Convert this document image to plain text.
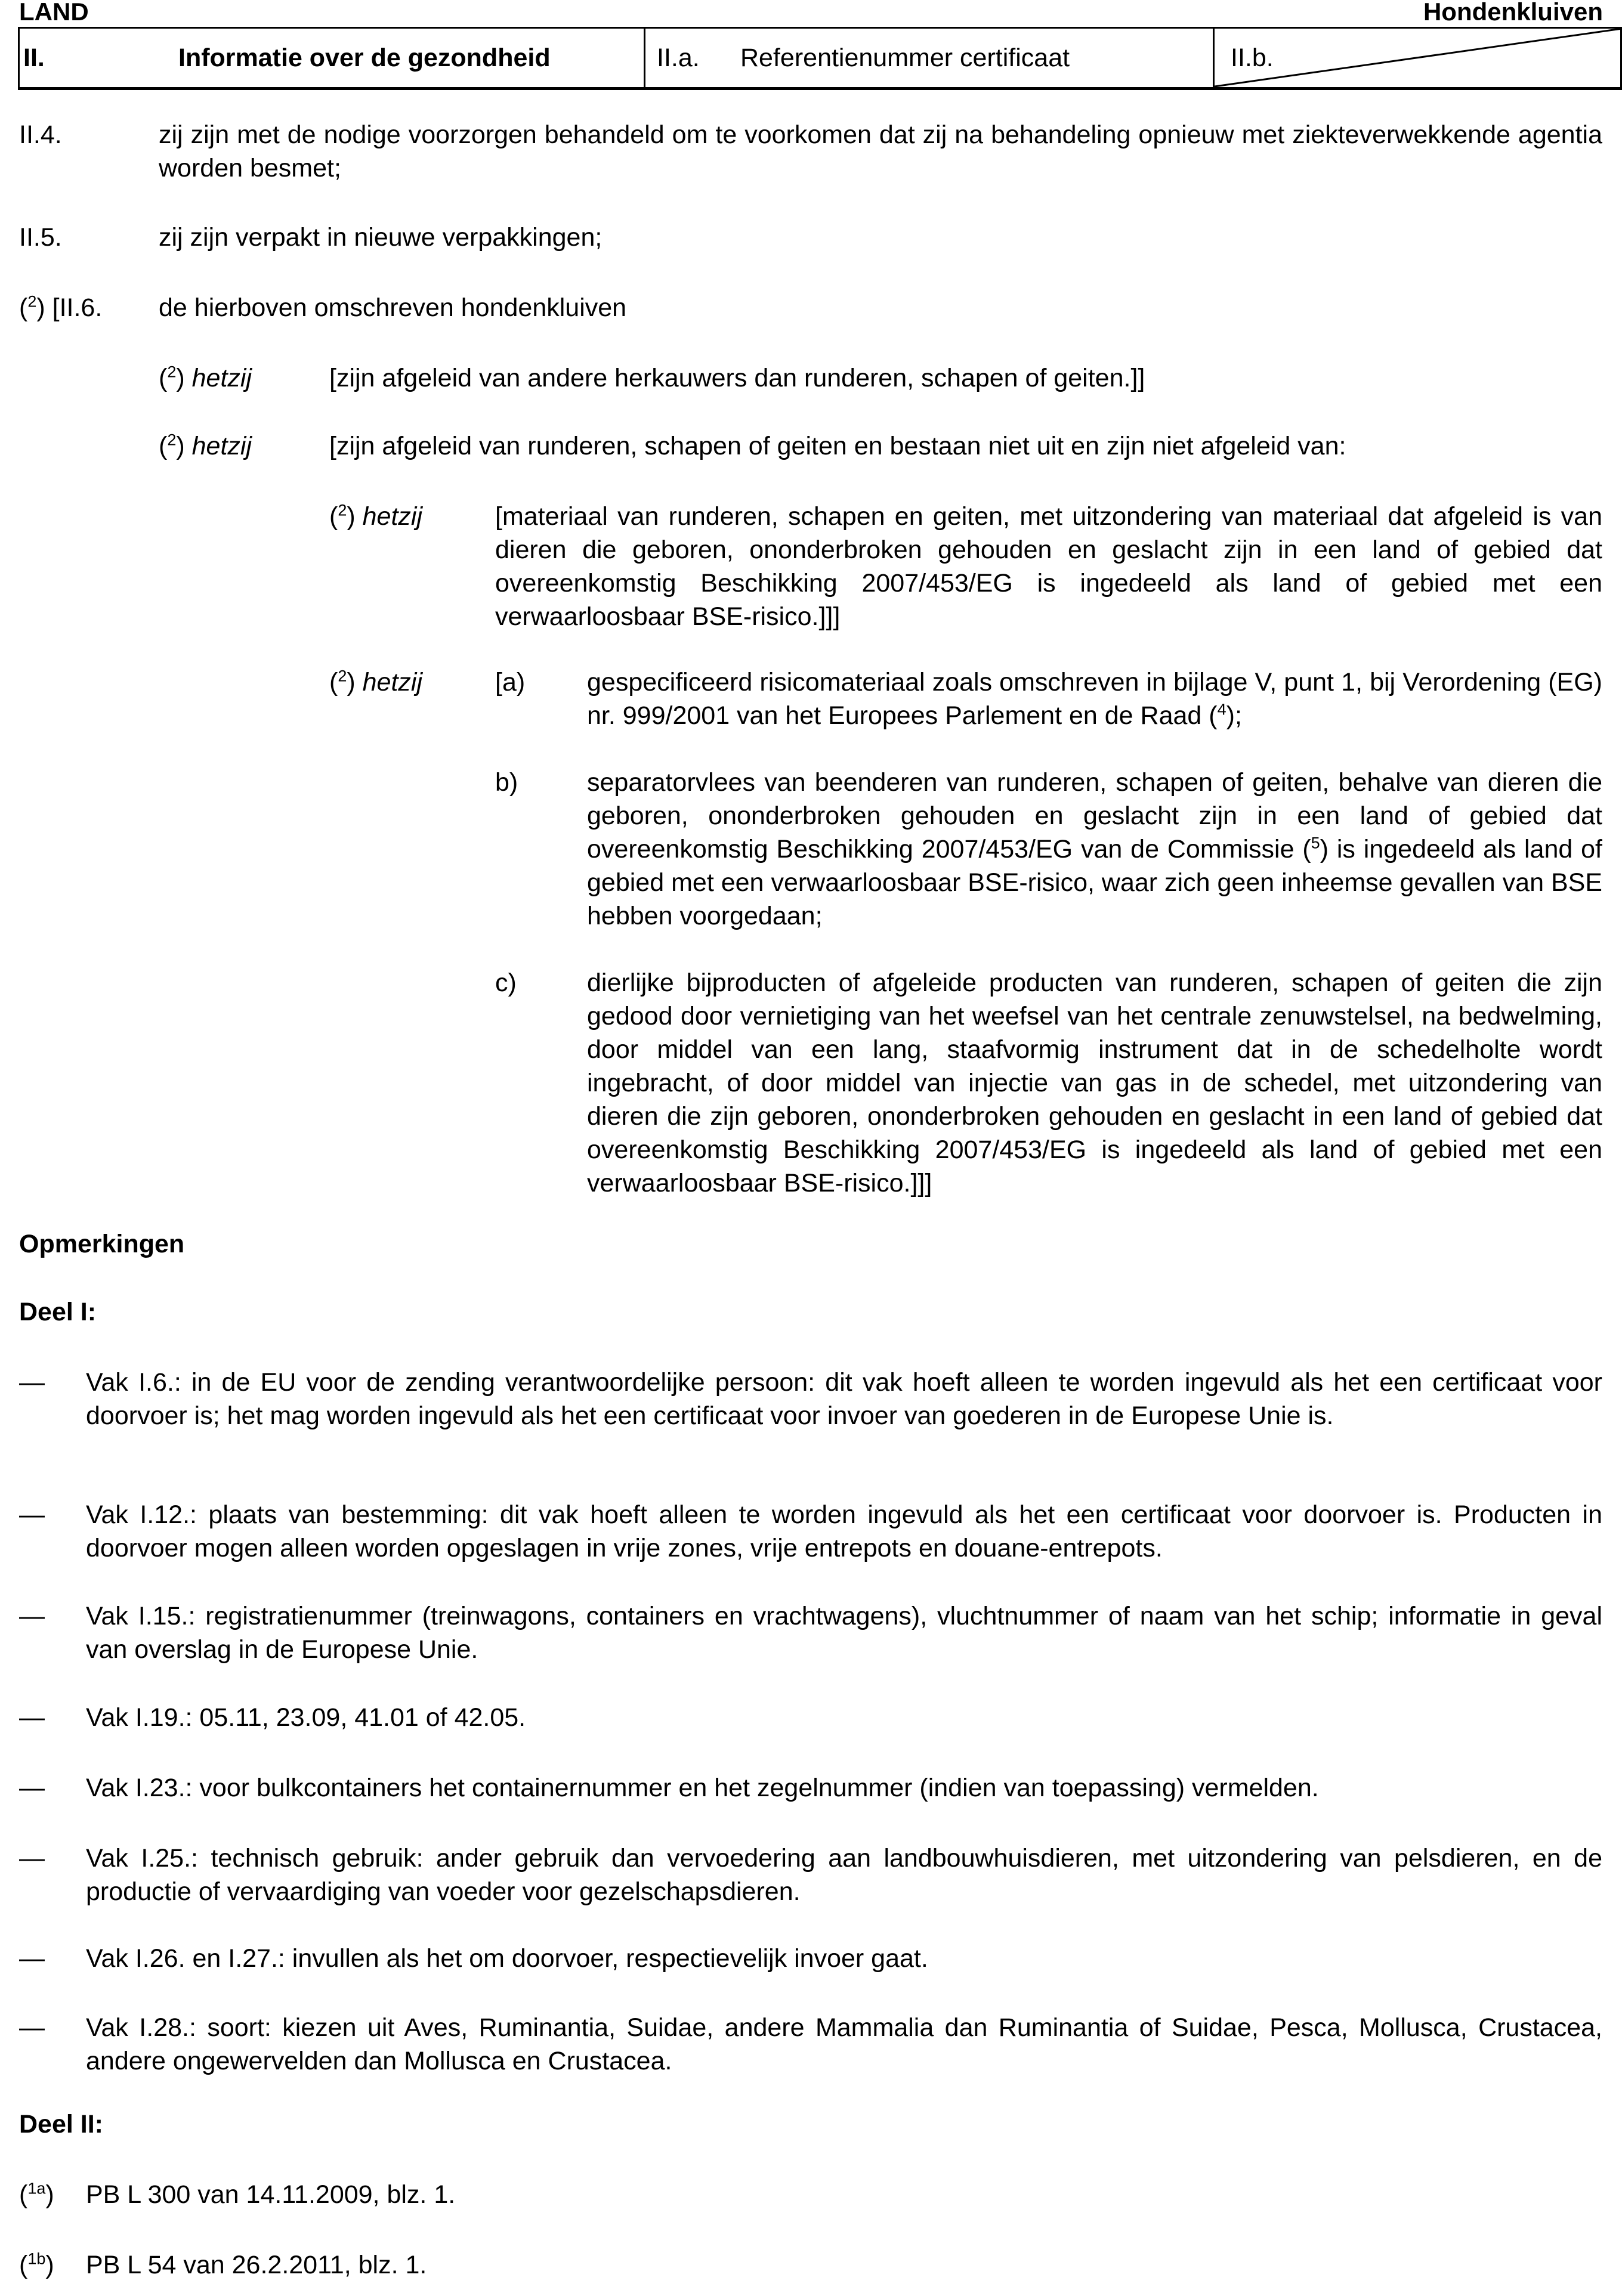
LAND	Hondenkluiven
II.	Informatie over de gezondheid	II.a.	Referentienummer certificaat	II.b.
II.4.	zij zijn met de nodige voorzorgen behandeld om te voorkomen dat zij na behandeling opnieuw met ziekteverwekkende agentia worden besmet;
II.5.	zij zijn verpakt in nieuwe verpakkingen;
($^2$) [II.6. de hierboven omschreven hondenkluiven
($^2$) hetzij	[zijn afgeleid van andere herkauwers dan runderen, schapen of geiten.]]
($^2$) hetzij	[zijn afgeleid van runderen, schapen of geiten en bestaan niet uit en zijn niet afgeleid van:
($^2$) hetzij	[materiaal van runderen, schapen en geiten, met uitzondering van materiaal dat afgeleid is van dieren die geboren, ononderbroken gehouden en geslacht zijn in een land of gebied dat overeenkomstig Beschikking 2007/453/EG is ingedeeld als land of gebied met een verwaarloosbaar BSE-risico.]]]
($^2$) hetzij	[a) gespecificeerd risicomateriaal zoals omschreven in bijlage V, punt 1, bij Verordening (EG) nr. 999/2001 van het Europees Parlement en de Raad ($^4$);
b)	separatorvlees van beenderen van runderen, schapen of geiten, behalve van dieren die geboren, ononderbroken gehouden en geslacht zijn in een land of gebied dat overeenkomstig Beschikking 2007/453/EG van de Commissie ($^5$) is ingedeeld als land of gebied met een verwaarloosbaar BSE-risico, waar zich geen inheemse gevallen van BSE hebben voorgedaan;
c)	dierlijke bijproducten of afgeleide producten van runderen, schapen of geiten die zijn gedood door vernietiging van het weefsel van het centrale zenuwstelsel, na bedwelming, door middel van een lang, staafvormig instrument dat in de schedelholte wordt ingebracht, of door middel van injectie van gas in de schedel, met uitzondering van dieren die zijn geboren, ononderbroken gehouden en geslacht in een land of gebied dat overeenkomstig Beschikking 2007/453/EG is ingedeeld als land of gebied met een verwaarloosbaar BSE-risico.]]]
Opmerkingen
Deel I:
— Vak I.6.: in de EU voor de zending verantwoordelijke persoon: dit vak hoeft alleen te worden ingevuld als het een certificaat voor doorvoer is; het mag worden ingevuld als het een certificaat voor invoer van goederen in de Europese Unie is.
— Vak I.12.: plaats van bestemming: dit vak hoeft alleen te worden ingevuld als het een certificaat voor doorvoer is. Producten in doorvoer mogen alleen worden opgeslagen in vrije zones, vrije entrepots en douane-entrepots.
— Vak I.15.: registratienummer (treinwagons, containers en vrachtwagens), vluchtnummer of naam van het schip; informatie in geval van overslag in de Europese Unie.
— Vak I.19.: 05.11, 23.09, 41.01 of 42.05.
— Vak I.23.: voor bulkcontainers het containernummer en het zegelnummer (indien van toepassing) vermelden.
— Vak I.25.: technisch gebruik: ander gebruik dan vervoedering aan landbouwhuisdieren, met uitzondering van pelsdieren, en de productie of vervaardiging van voeder voor gezelschapsdieren.
— Vak I.26. en I.27.: invullen als het om doorvoer, respectievelijk invoer gaat.
— Vak I.28.: soort: kiezen uit Aves, Ruminantia, Suidae, andere Mammalia dan Ruminantia of Suidae, Pesca, Mollusca, Crustacea, andere ongewervelden dan Mollusca en Crustacea.
Deel II:
($^{1a}$) PB L 300 van 14.11.2009, blz. 1.
($^{1b}$) PB L 54 van 26.2.2011, blz. 1.
